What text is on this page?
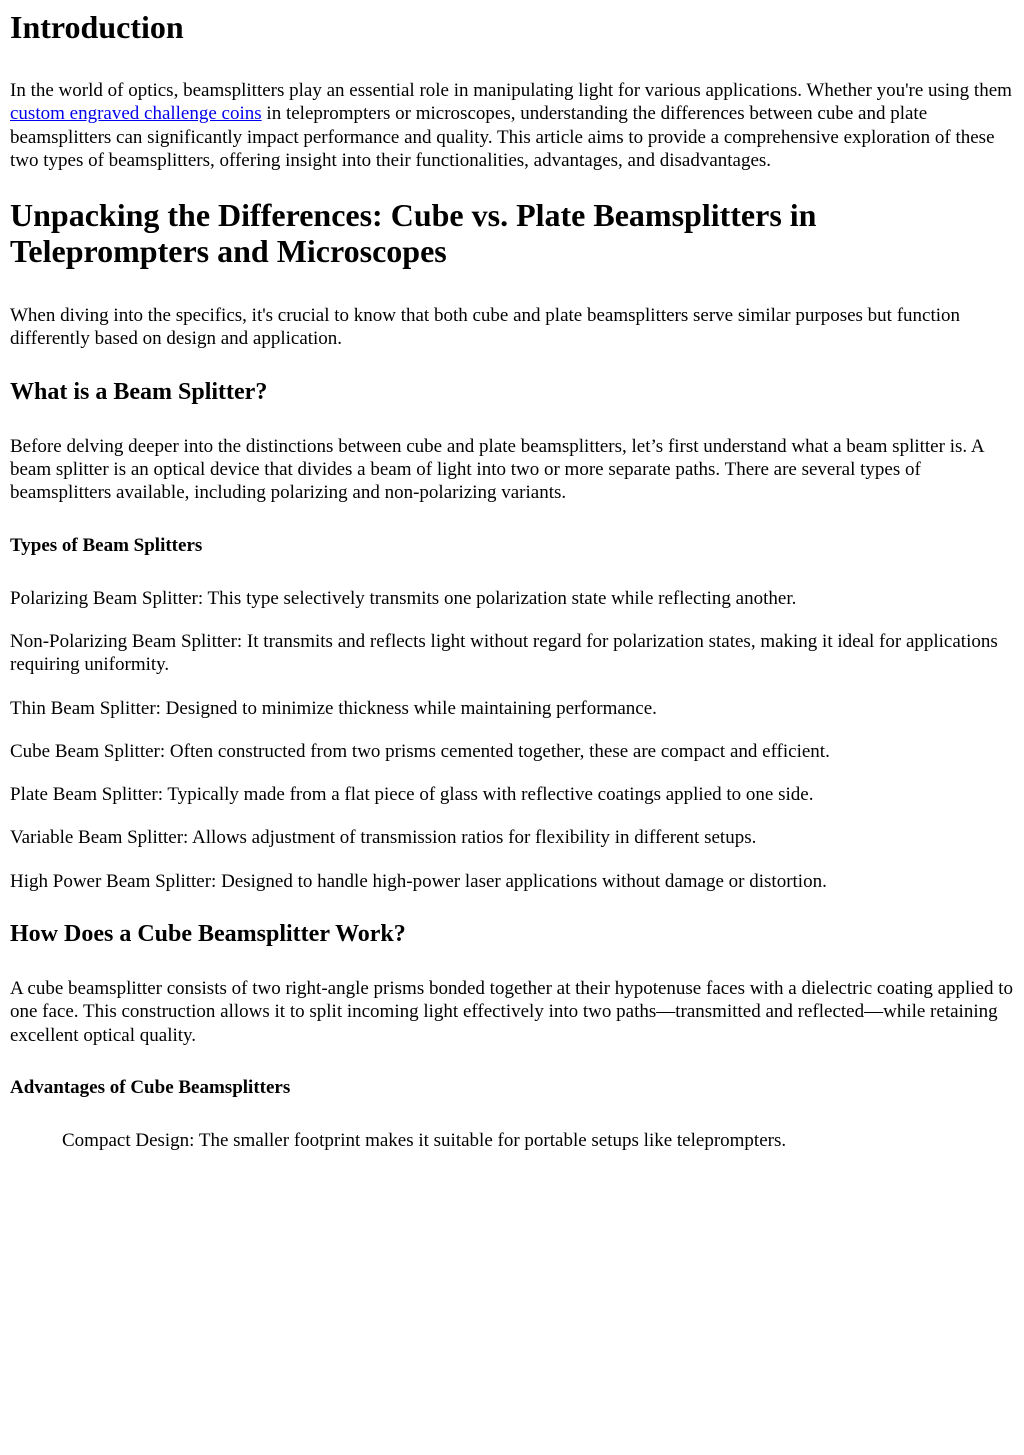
Introduction

In the world of optics, beamsplitters play an essential role in manipulating light for various applications. Whether you're using them custom engraved challenge coins in teleprompters or microscopes, understanding the differences between cube and plate beamsplitters can significantly impact performance and quality. This article aims to provide a comprehensive exploration of these two types of beamsplitters, offering insight into their functionalities, advantages, and disadvantages.

Unpacking the Differences: Cube vs. Plate Beamsplitters in Teleprompters and Microscopes

When diving into the specifics, it's crucial to know that both cube and plate beamsplitters serve similar purposes but function differently based on design and application.

What is a Beam Splitter?

Before delving deeper into the distinctions between cube and plate beamsplitters, let’s first understand what a beam splitter is. A beam splitter is an optical device that divides a beam of light into two or more separate paths. There are several types of beamsplitters available, including polarizing and non-polarizing variants.

Types of Beam Splitters

Polarizing Beam Splitter: This type selectively transmits one polarization state while reflecting another.

Non-Polarizing Beam Splitter: It transmits and reflects light without regard for polarization states, making it ideal for applications requiring uniformity.

Thin Beam Splitter: Designed to minimize thickness while maintaining performance.

Cube Beam Splitter: Often constructed from two prisms cemented together, these are compact and efficient.

Plate Beam Splitter: Typically made from a flat piece of glass with reflective coatings applied to one side.

Variable Beam Splitter: Allows adjustment of transmission ratios for flexibility in different setups.

High Power Beam Splitter: Designed to handle high-power laser applications without damage or distortion.

How Does a Cube Beamsplitter Work?

A cube beamsplitter consists of two right-angle prisms bonded together at their hypotenuse faces with a dielectric coating applied to one face. This construction allows it to split incoming light effectively into two paths—transmitted and reflected—while retaining excellent optical quality.

Advantages of Cube Beamsplitters

Compact Design: The smaller footprint makes it suitable for portable setups like teleprompters.
